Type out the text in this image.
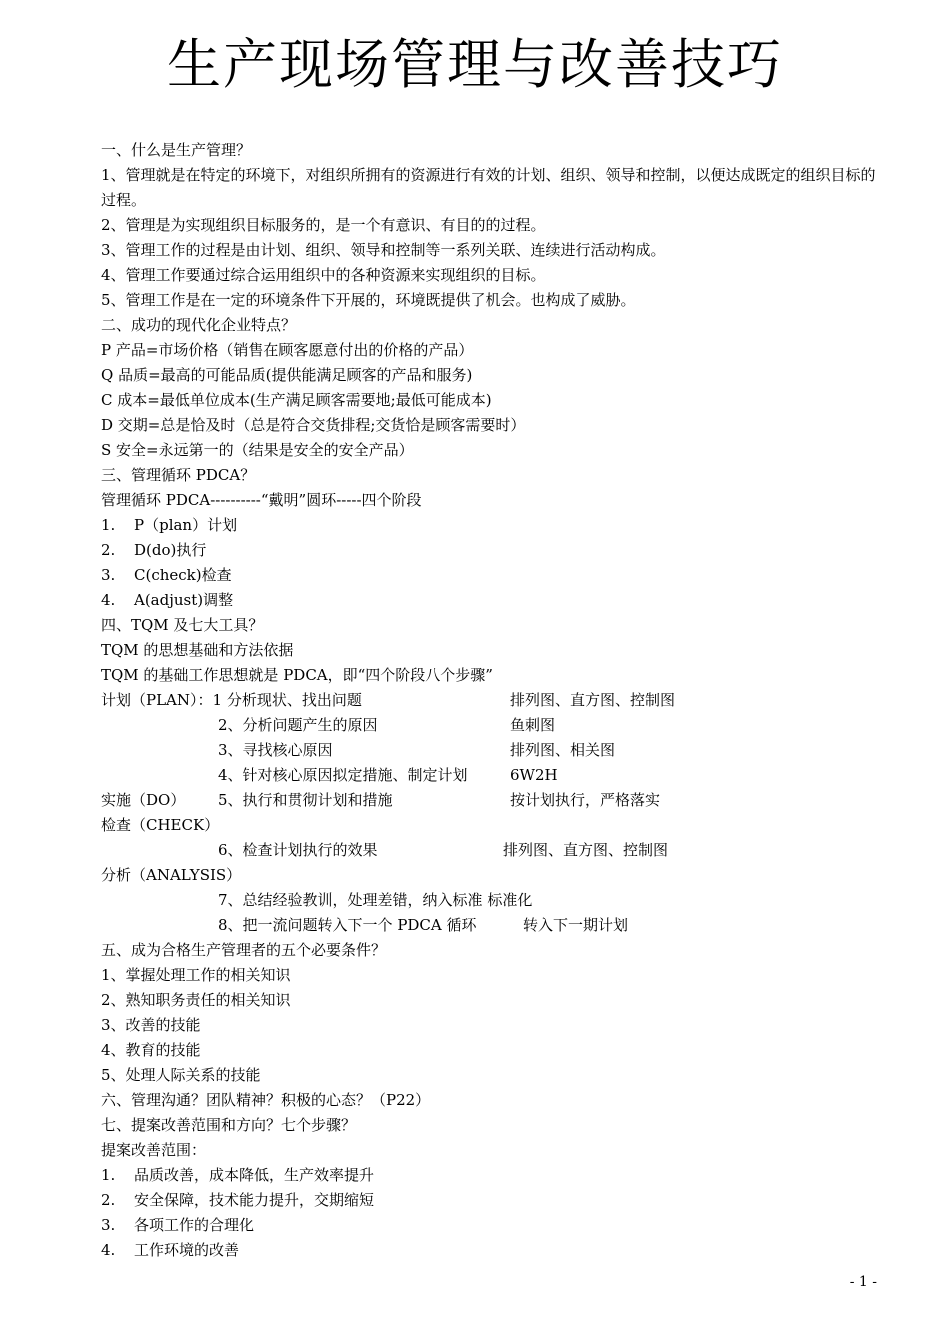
生产现场管理与改善技巧
一、什么是生产管理？
1、管理就是在特定的环境下，对组织所拥有的资源进行有效的计划、组织、领导和控制，以便达成既定的组织目标的过程。
2、管理是为实现组织目标服务的，是一个有意识、有目的的过程。
3、管理工作的过程是由计划、组织、领导和控制等一系列关联、连续进行活动构成。
4、管理工作要通过综合运用组织中的各种资源来实现组织的目标。
5、管理工作是在一定的环境条件下开展的，环境既提供了机会。也构成了威胁。
二、成功的现代化企业特点？
P 产品=市场价格（销售在顾客愿意付出的价格的产品）
Q 品质=最高的可能品质(提供能满足顾客的产品和服务)
C 成本=最低单位成本(生产满足顾客需要地;最低可能成本)
D 交期=总是恰及时（总是符合交货排程;交货恰是顾客需要时）
S 安全=永远第一的（结果是安全的安全产品）
三、管理循环 PDCA？
管理循环 PDCA----------“戴明”圆环-----四个阶段
1. P（plan）计划
2. D(do)执行
3. C(check)检查
4. A(adjust)调整
四、TQM 及七大工具？
TQM 的思想基础和方法依据
TQM 的基础工作思想就是 PDCA，即“四个阶段八个步骤”
计划（PLAN）：1 分析现状、找出问题	排列图、直方图、控制图
2、分析问题产生的原因	鱼刺图
3、寻找核心原因	排列图、相关图
4、针对核心原因拟定措施、制定计划	6W2H
实施（DO） 5、执行和贯彻计划和措施	按计划执行，严格落实
检查（CHECK）
6、检查计划执行的效果	排列图、直方图、控制图
分析（ANALYSIS）
7、总结经验教训，处理差错，纳入标准 标准化
8、把一流问题转入下一个 PDCA 循环	转入下一期计划
五、成为合格生产管理者的五个必要条件？
1、掌握处理工作的相关知识
2、熟知职务责任的相关知识
3、改善的技能
4、教育的技能
5、处理人际关系的技能
六、管理沟通？团队精神？积极的心态？（P22）
七、提案改善范围和方向？七个步骤？
提案改善范围：
1. 品质改善，成本降低，生产效率提升
2. 安全保障，技术能力提升，交期缩短
3. 各项工作的合理化
4. 工作环境的改善
- 1 -
